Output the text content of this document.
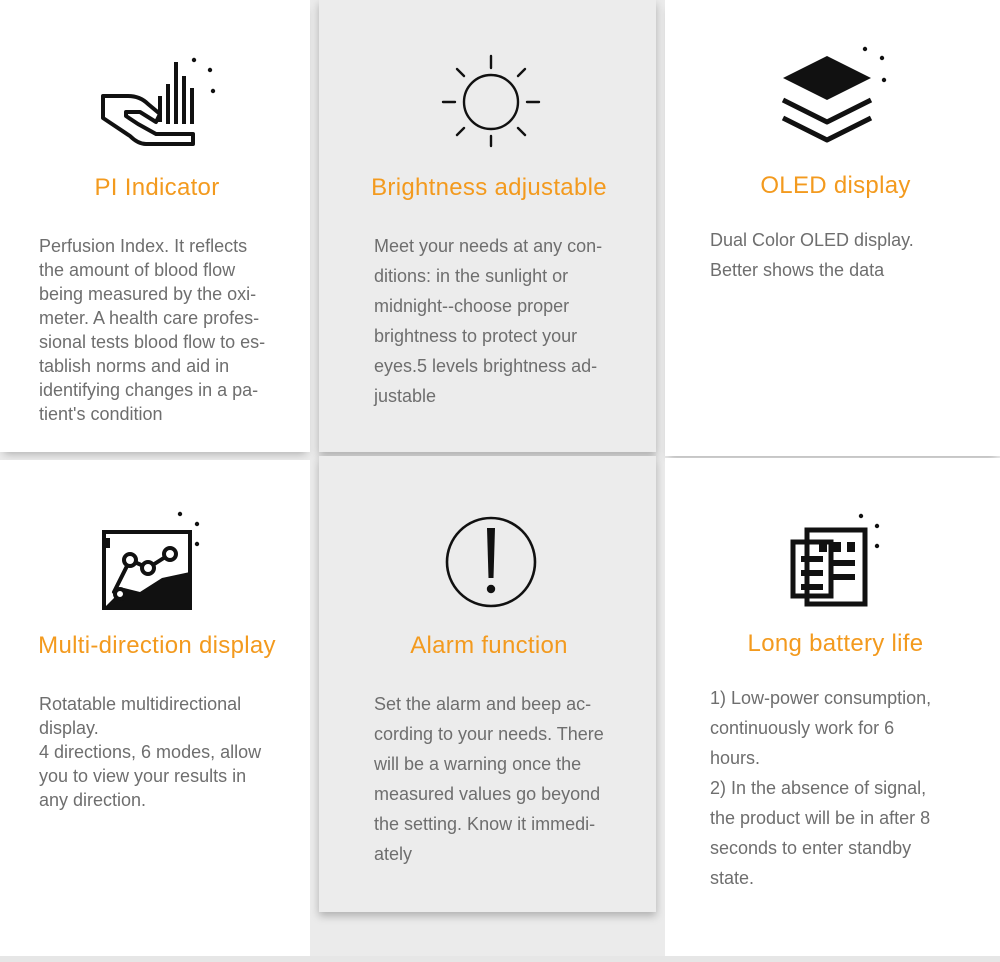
PI Indicator

Perfusion Index. It reflects
the amount of blood flow
being measured by the oxi-
meter. A health care profes-
sional tests blood flow to es-
tablish norms and aid in
identifying changes in a pa-
tient's condition

Brightness adjustable

Meet your needs at any con-
ditions: in the sunlight or
midnight--choose proper
brightness to protect your
eyes.5 levels brightness ad-
justable

OLED display

Dual Color OLED display.
Better shows the data

Multi-direction display

Rotatable multidirectional
display.
4 directions, 6 modes, allow
you to view your results in
any direction.

Alarm function

Set the alarm and beep ac-
cording to your needs. There
will be a warning once the
measured values go beyond
the setting. Know it immedi-
ately

Long battery life

1) Low-power consumption,
continuously work for 6
hours.
2) In the absence of signal,
the product will be in after 8
seconds to enter standby
state.
